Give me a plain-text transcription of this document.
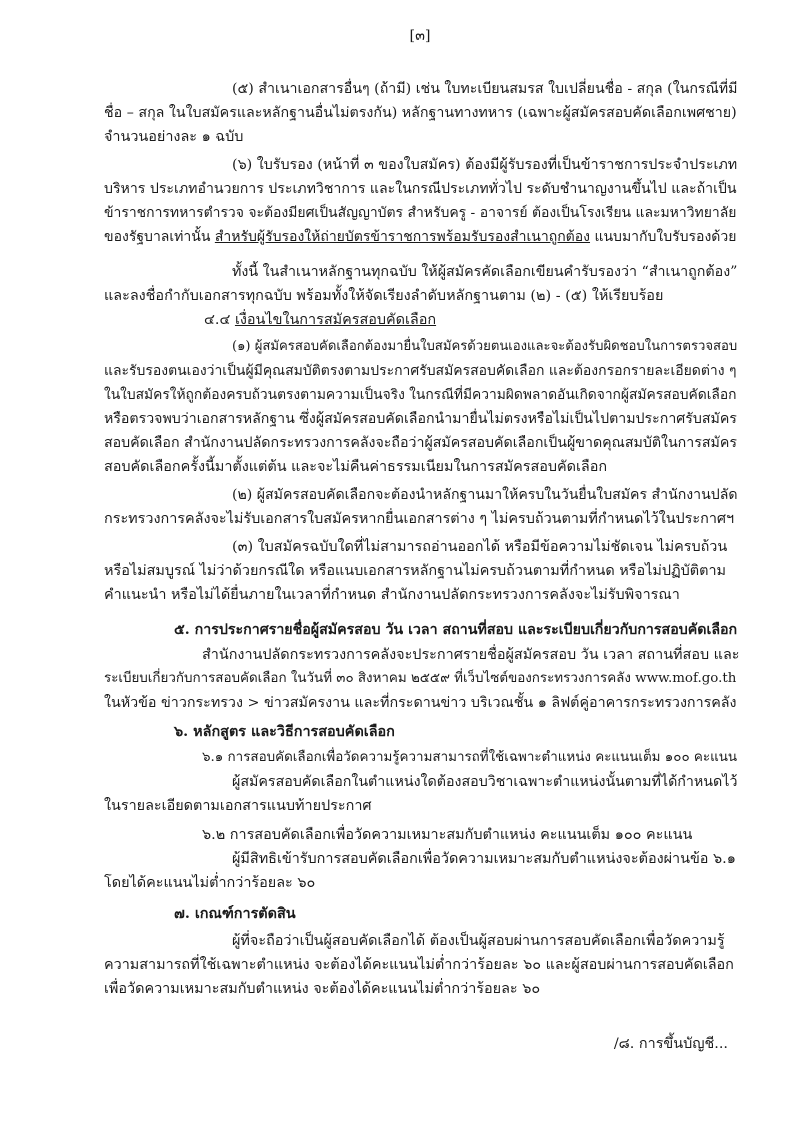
[๓]
(๕) สำเนาเอกสารอื่นๆ (ถ้ามี) เช่น ใบทะเบียนสมรส ใบเปลี่ยนชื่อ - สกุล (ในกรณีที่มี
ชื่อ – สกุล ในใบสมัครและหลักฐานอื่นไม่ตรงกัน) หลักฐานทางทหาร (เฉพาะผู้สมัครสอบคัดเลือกเพศชาย)
จำนวนอย่างละ ๑ ฉบับ
(๖) ใบรับรอง (หน้าที่ ๓ ของใบสมัคร) ต้องมีผู้รับรองที่เป็นข้าราชการประจำประเภท
บริหาร ประเภทอำนวยการ ประเภทวิชาการ และในกรณีประเภททั่วไป ระดับชำนาญงานขึ้นไป และถ้าเป็น
ข้าราชการทหารตำรวจ จะต้องมียศเป็นสัญญาบัตร สำหรับครู - อาจารย์ ต้องเป็นโรงเรียน และมหาวิทยาลัย
ของรัฐบาลเท่านั้น สำหรับผู้รับรองให้ถ่ายบัตรข้าราชการพร้อมรับรองสำเนาถูกต้อง แนบมากับใบรับรองด้วย
ทั้งนี้ ในสำเนาหลักฐานทุกฉบับ ให้ผู้สมัครคัดเลือกเขียนคำรับรองว่า “สำเนาถูกต้อง”
และลงชื่อกำกับเอกสารทุกฉบับ พร้อมทั้งให้จัดเรียงลำดับหลักฐานตาม (๒) - (๕) ให้เรียบร้อย
๔.๔ เงื่อนไขในการสมัครสอบคัดเลือก
(๑) ผู้สมัครสอบคัดเลือกต้องมายื่นใบสมัครด้วยตนเองและจะต้องรับผิดชอบในการตรวจสอบ
และรับรองตนเองว่าเป็นผู้มีคุณสมบัติตรงตามประกาศรับสมัครสอบคัดเลือก และต้องกรอกรายละเอียดต่าง ๆ
ในใบสมัครให้ถูกต้องครบถ้วนตรงตามความเป็นจริง ในกรณีที่มีความผิดพลาดอันเกิดจากผู้สมัครสอบคัดเลือก
หรือตรวจพบว่าเอกสารหลักฐาน ซึ่งผู้สมัครสอบคัดเลือกนำมายื่นไม่ตรงหรือไม่เป็นไปตามประกาศรับสมัคร
สอบคัดเลือก สำนักงานปลัดกระทรวงการคลังจะถือว่าผู้สมัครสอบคัดเลือกเป็นผู้ขาดคุณสมบัติในการสมัคร
สอบคัดเลือกครั้งนี้มาตั้งแต่ต้น และจะไม่คืนค่าธรรมเนียมในการสมัครสอบคัดเลือก
(๒) ผู้สมัครสอบคัดเลือกจะต้องนำหลักฐานมาให้ครบในวันยื่นใบสมัคร สำนักงานปลัด
กระทรวงการคลังจะไม่รับเอกสารใบสมัครหากยื่นเอกสารต่าง ๆ ไม่ครบถ้วนตามที่กำหนดไว้ในประกาศฯ
(๓) ใบสมัครฉบับใดที่ไม่สามารถอ่านออกได้ หรือมีข้อความไม่ชัดเจน ไม่ครบถ้วน
หรือไม่สมบูรณ์ ไม่ว่าด้วยกรณีใด หรือแนบเอกสารหลักฐานไม่ครบถ้วนตามที่กำหนด หรือไม่ปฏิบัติตาม
คำแนะนำ หรือไม่ได้ยื่นภายในเวลาที่กำหนด สำนักงานปลัดกระทรวงการคลังจะไม่รับพิจารณา
๕. การประกาศรายชื่อผู้สมัครสอบ วัน เวลา สถานที่สอบ และระเบียบเกี่ยวกับการสอบคัดเลือก
สำนักงานปลัดกระทรวงการคลังจะประกาศรายชื่อผู้สมัครสอบ วัน เวลา สถานที่สอบ และ
ระเบียบเกี่ยวกับการสอบคัดเลือก ในวันที่ ๓๐ สิงหาคม ๒๕๕๙ ที่เว็บไซต์ของกระทรวงการคลัง www.mof.go.th
ในหัวข้อ ข่าวกระทรวง > ข่าวสมัครงาน และที่กระดานข่าว บริเวณชั้น ๑ ลิฟต์คู่อาคารกระทรวงการคลัง
๖. หลักสูตร และวิธีการสอบคัดเลือก
๖.๑ การสอบคัดเลือกเพื่อวัดความรู้ความสามารถที่ใช้เฉพาะตำแหน่ง คะแนนเต็ม ๑๐๐ คะแนน
ผู้สมัครสอบคัดเลือกในตำแหน่งใดต้องสอบวิชาเฉพาะตำแหน่งนั้นตามที่ได้กำหนดไว้
ในรายละเอียดตามเอกสารแนบท้ายประกาศ
๖.๒ การสอบคัดเลือกเพื่อวัดความเหมาะสมกับตำแหน่ง คะแนนเต็ม ๑๐๐ คะแนน
ผู้มีสิทธิเข้ารับการสอบคัดเลือกเพื่อวัดความเหมาะสมกับตำแหน่งจะต้องผ่านข้อ ๖.๑
โดยได้คะแนนไม่ต่ำกว่าร้อยละ ๖๐
๗. เกณฑ์การตัดสิน
ผู้ที่จะถือว่าเป็นผู้สอบคัดเลือกได้ ต้องเป็นผู้สอบผ่านการสอบคัดเลือกเพื่อวัดความรู้
ความสามารถที่ใช้เฉพาะตำแหน่ง จะต้องได้คะแนนไม่ต่ำกว่าร้อยละ ๖๐ และผู้สอบผ่านการสอบคัดเลือก
เพื่อวัดความเหมาะสมกับตำแหน่ง จะต้องได้คะแนนไม่ต่ำกว่าร้อยละ ๖๐
/๘. การขึ้นบัญชี...
